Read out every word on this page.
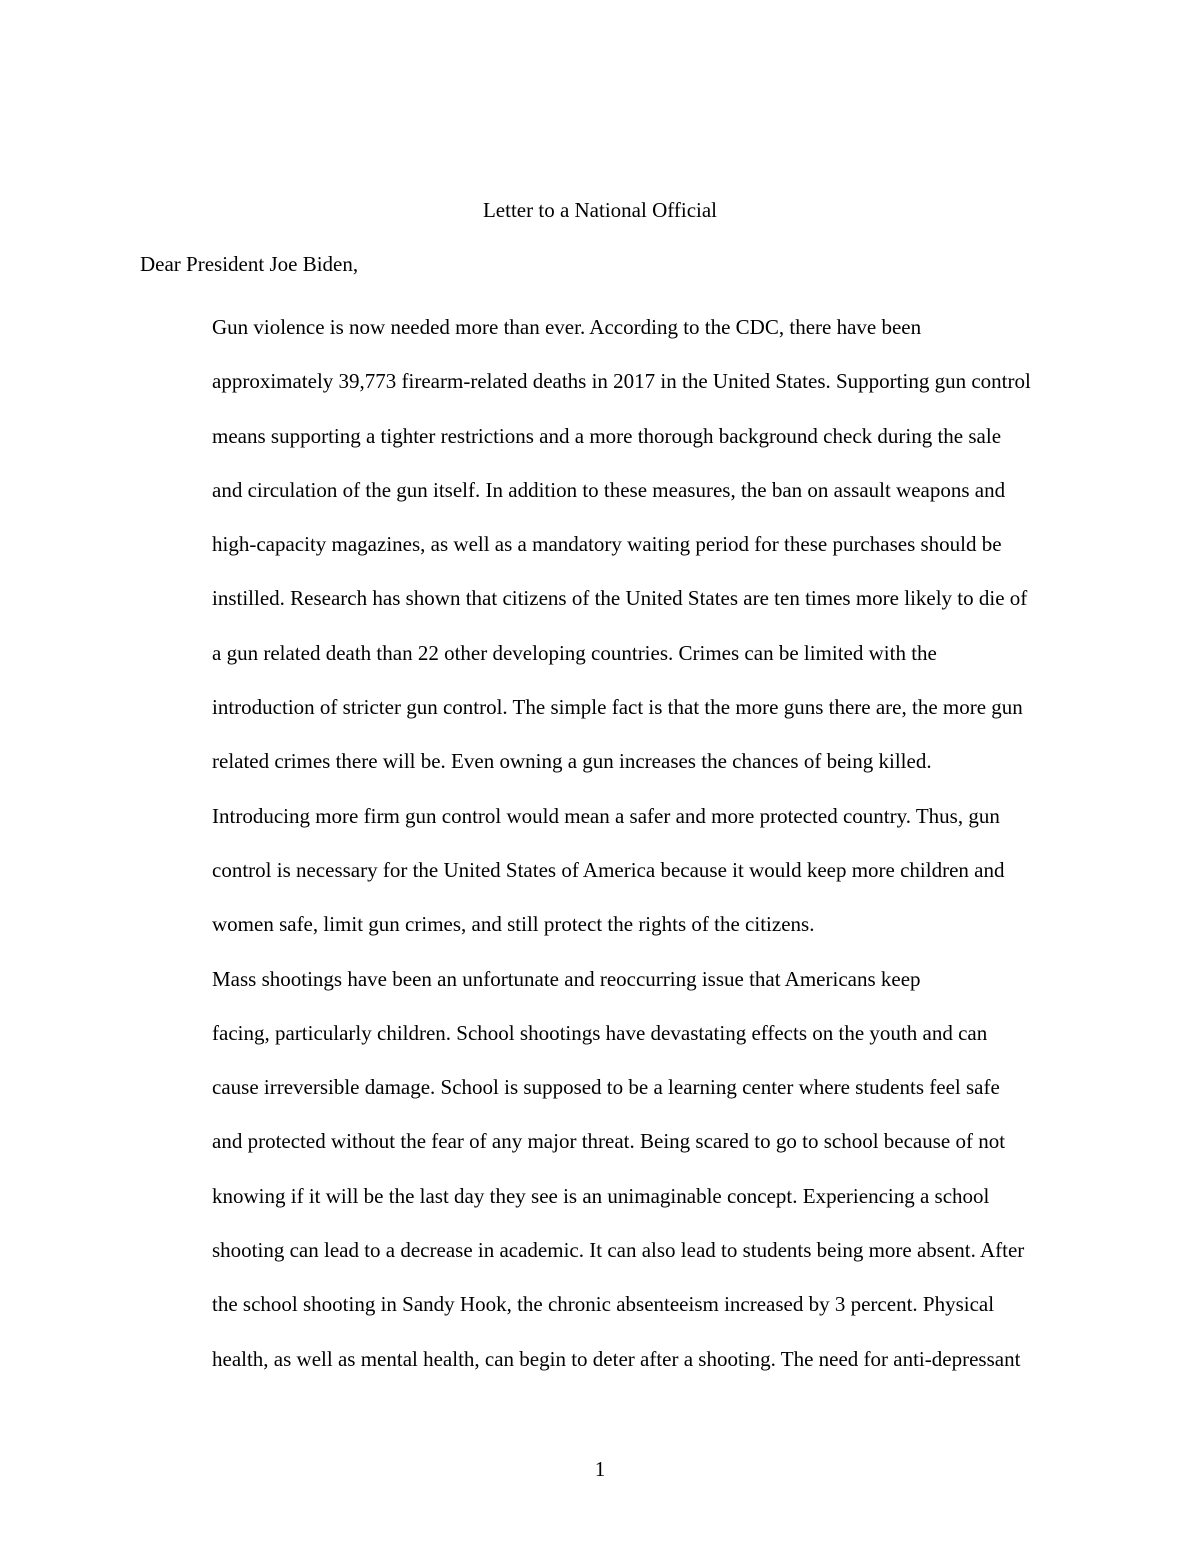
Letter to a National Official

Dear President Joe Biden,

Gun violence is now needed more than ever. According to the CDC, there have been
approximately 39,773 firearm-related deaths in 2017 in the United States. Supporting gun control
means supporting a tighter restrictions and a more thorough background check during the sale
and circulation of the gun itself. In addition to these measures, the ban on assault weapons and
high-capacity magazines, as well as a mandatory waiting period for these purchases should be
instilled. Research has shown that citizens of the United States are ten times more likely to die of
a gun related death than 22 other developing countries. Crimes can be limited with the
introduction of stricter gun control. The simple fact is that the more guns there are, the more gun
related crimes there will be. Even owning a gun increases the chances of being killed.
Introducing more firm gun control would mean a safer and more protected country. Thus, gun
control is necessary for the United States of America because it would keep more children and
women safe, limit gun crimes, and still protect the rights of the citizens.

Mass shootings have been an unfortunate and reoccurring issue that Americans keep
facing, particularly children. School shootings have devastating effects on the youth and can
cause irreversible damage. School is supposed to be a learning center where students feel safe
and protected without the fear of any major threat. Being scared to go to school because of not
knowing if it will be the last day they see is an unimaginable concept. Experiencing a school
shooting can lead to a decrease in academic. It can also lead to students being more absent. After
the school shooting in Sandy Hook, the chronic absenteeism increased by 3 percent. Physical
health, as well as mental health, can begin to deter after a shooting. The need for anti-depressant

1
